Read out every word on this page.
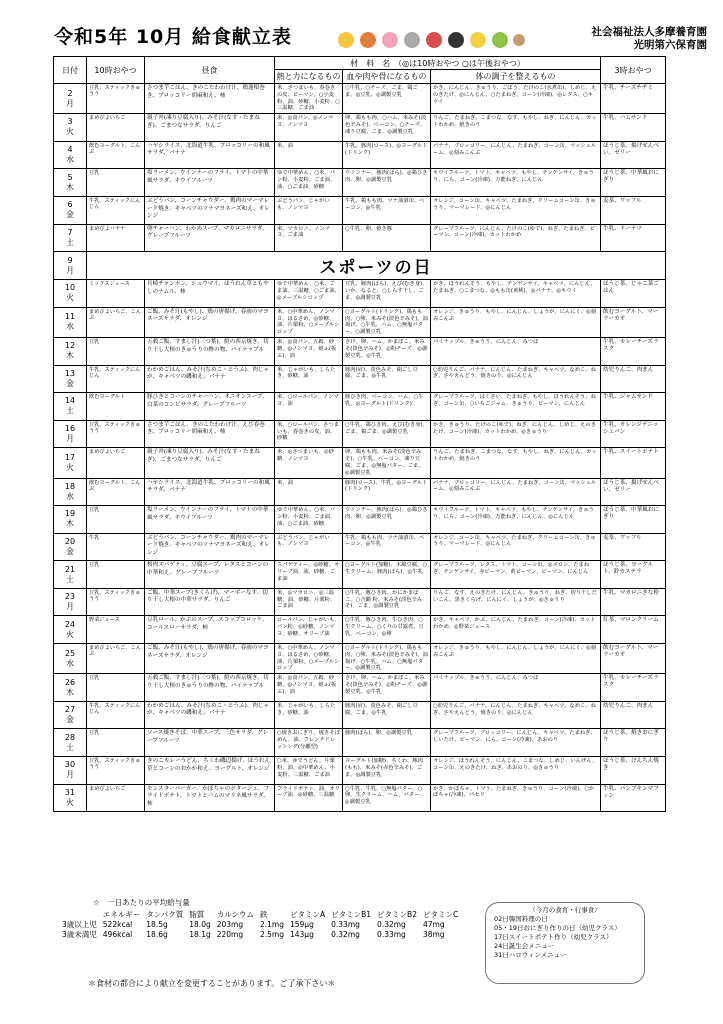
令和5年 10月 給食献立表	社会福祉法人多摩養育園
光明第六保育園
日付	10時おやつ	昼食	材　料　名　 （◎は10時おやつ ○は午後おやつ）			3時おやつ
			熱と力になるもの	血や肉や骨になるもの	体の調子を整えるもの	

2
月	豆乳、スティックきゅうり	さつま芋ごはん、きのこたわわけ汁、鶏蓮根巻き、ブロッコリー胡麻和え、柿	米、さつまいも、春巻きの皮、ピーマン、○小麦粉、油、砂糖、小麦粉、○三温糖、ごま油	○牛乳、○チーズ、ごま、鶏ごま、◎豆乳、◎調製豆乳	かき、にんじん、きゅうり、ごぼう、たけのこ(水煮缶)、しめじ、えのきたけ、◎にんじん、○たまねぎ、コーン(冷凍)、◎レタス、○キウイ	牛乳、チーズチヂミ

3
火	まめびよいちご	親子丼(凍り豆腐入り)、みそ汁(なす・たまねぎ)、ごまつなサラダ、りんご	米、◎食パン、◎ノンマヨ、ノンマヨ	卵、鶏もも肉、○ハム、米みそ(淡色辛みそ)、ベーコン、○チーズ、凍り豆腐、ごま、◎調製豆乳	りんご、たまねぎ、こまつな、なす、もやし、ねぎ、にんじん、カットわかめ、焼きのり	牛乳、ハムサンド

4
水	飲むヨーグルト、こんぶ	ハヤシライス、北海道牛乳、ブロッコリーの和風サラダ、バナナ	米、油	牛乳、豚肉(ロース)、◎ヨーグルト(ドリンク)	バナナ、ブロッコリー、にんじん、たまねぎ、コーン缶、マッシュルーム、◎刻みこんぶ	ほうじ茶、揚げせんべい、ゼリー

5
木	豆乳	塩ラーメン、ウインナーのフライ、トマトの中華風サラダ、キウイフルーツ	ゆで中華めん、○米、パン粉、小麦粉、ごま油、油、○ごま油、砂糖	ウインナー、豚肉(ばら)、◎鶏ひき肉、卵、◎調製豆乳	キウイフルーツ、トマト、キャベツ、もやし、チンゲンサイ、きゅうり、にら、コーン(冷凍)、万能ねぎ、にんじん	ほうじ茶、中華風おにぎり

6
金	牛乳、スティックにんじん	ぶどうパン、コーンチャウダー、鶏肉のマーマレード焼き、キャベツのツナマヨネーズ和え、オレンジ	ぶどうパン、じゃがいも、ノンマヨ	牛乳、鶏もも肉、ツナ油漬缶、ベーコン、◎牛乳	オレンジ、コーン缶、キャベツ、たまねぎ、クリームコーン缶、きゅうり、マーマレード、◎にんじん	麦茶、ワッフル

7
土	まめびよバナナ	卵チャーハン、わかめスープ、マカロニサラダ、グレープフルーツ	米、マカロニ、ノンマヨ、ごま油	○牛乳、卵、焼き豚	グレープフルーツ、にんじん、たけのこ(ゆで)、ねぎ、たまねぎ、ピーマン、コーン(冷凍)、カットわかめ	牛乳、ドーナツ

9
月	スポーツの日					

10
火	ミックスジュース	長崎チャンポン、シュウマイ、ほうれん草ともやしのナムル、柿	ゆで中華めん、○米、ごま油、三温糖、○ごま油、◎メープルシロップ	豆乳、豚肉(ばら)、えび(むき身)、いか、なると、○しらす干し、ごま、◎調製豆乳	かき、ほうれんそう、もやし、チンゲンサイ、キャベツ、にんじん、たまねぎ、○こまつな、◎もも缶(黄桃)、◎バナナ、◎キウイ	ほうじ茶、じゃこ菜ごはん

11
水	まめびよいちご、こんぶ	ご飯、みそ汁(もやし)、鶏の唐揚げ、春雨のマヨネーズサラダ、オレンジ	米、○中華めん、ノンマヨ、はるさめ、◎砂糖、油、片栗粉、○メープルシロップ	○ヨーグルト(ドリンク)、鶏もも肉、○卵、米みそ(淡色辛みそ)、油揚げ、○牛乳、ハム、○無塩バター、○調製豆乳	オレンジ、きゅうり、もやし、にんじん、しょうが、にんにく、◎刻みこんぶ	飲むヨーグルト、マーラーカオ

12
木	豆乳	五穀ご飯、すまし汁(三つ葉)、鮭の西京焼き、切り干し大根のきゅうりの酢の物、パイナップル	米、◎食パン、五穀、砂糖、◎ノンマヨ、焼ふ(板ふ)、油	さけ、卵、ハム、かまぼこ、米みそ(淡色辛みそ)、◎粉チーズ、◎調製豆乳、◎牛乳	パイナップル、きゅうり、にんじん、みつば	牛乳、カレーチーズラスク

13
金	牛乳、スティックにんじん	わかめごはん、みそ汁(なめこ・とうふ)、肉じゃが、キャベツの磯和え、バナナ	米、じゃがいも、しらたき、砂糖、油	豚肉(肩)、淡色みそ、絹ごし豆腐、ごま、◎牛乳	○幼児りんご、バナナ、にんじん、たまねぎ、キャベツ、なめこ、ねぎ、さやえんどう、焼きのり、◎にんじん	幼児りんご、肉まん

14
土	飲むヨーグルト	豚ひきとコーンのチャーハン、オニオンスープ、白菜のコンビサラダ、グレープフルーツ	米、○ロールパン、ノンマヨ、油	豚ひき肉、ベーコン、ハム、○牛乳、◎ヨーグルト(ドリンク)	グレープフルーツ、はくさい、たまねぎ、もやし、ほうれんそう、ねぎ、コーン缶、○いちごジャム、きゅうり、ピーマン、にんじん	牛乳、ジャムサンド

16
月	豆乳、スティックきゅうり	さつま芋ごはん、きのこたわわけ汁、えび春巻き、ブロッコリー胡麻和え、柿	米、○ロールパン、さつまいも、春巻きの皮、油、砂糖	○牛乳、鶏ひき肉、えび(むき身)、ごま、鶏ごま、◎調製豆乳	かき、きゅうり、たけのこ(ゆで)、ねぎ、にんじん、しめじ、えのきたけ、コーン(冷凍)、カットわかめ、◎きゅうり	牛乳、オレンジデニッシュパン

17
火	まめびよいちご	親子丼(凍り豆腐入り)、みそ汁(なす・たまねぎ)、ごまつなサラダ、りんご	米、◎さつまいも、◎砂糖、ノンマヨ	卵、鶏もも肉、米みそ(淡色辛みそ)、○牛乳、ベーコン、凍り豆腐、ごま、◎無塩バター、ごま、◎調製豆乳	りんご、たまねぎ、こまつな、なす、もやし、ねぎ、にんじん、カットわかめ、焼きのり	牛乳、スイートポテト

18
水	飲むヨーグルト、こんぶ	ハヤシライス、北海道牛乳、ブロッコリーの和風サラダ、バナナ	米、油	豚肉(ロース)、牛乳、◎ヨーグルト(ドリンク)	バナナ、ブロッコリー、にんじん、たまねぎ、コーン缶、マッシュルーム、◎刻みこんぶ	ほうじ茶、揚げせんべい、ゼリー

19
木	豆乳	塩ラーメン、ウインナーのフライ、トマトの中華風サラダ、キウイフルーツ	ゆで中華めん、○米、パン粉、小麦粉、ごま油、油、○ごま油、砂糖	ウインナー、豚肉(ばら)、◎鶏ひき肉、卵、◎調製豆乳	キウイフルーツ、トマト、キャベツ、もやし、チンゲンサイ、きゅうり、にら、コーン(冷凍)、万能ねぎ、にんじん、◎にんじん	ほうじ茶、中華風おにぎり

20
金	牛乳	ぶどうパン、コーンチャウダー、鶏肉のマーマレード焼き、キャベツのツナマヨネーズ和え、オレンジ	ぶどうパン、じゃがいも、ノンマヨ	牛乳、鶏もも肉、ツナ油漬缶、ベーコン、◎牛乳	オレンジ、コーン缶、キャベツ、たまねぎ、クリームコーン缶、きゅうり、マーマレード、◎にんじん	麦茶、ワッフル

21
土	豆乳	桜肉スパゲティ、豆腐スープ、レタスとコーンの中華和え、グレープフルーツ	スパゲティー、◎砂糖、オリーブ油、油、砂糖、ごま油	○ヨーグルト(加糖)、木綿豆腐、○生クリーム、豚肉(ばら)、◎牛乳	グレープフルーツ、レタス、トマト、コーン缶、◎メロン、たまねぎ、チンゲンサイ、赤ピーマン、黄ピーマン、ピーマン、にんじん	ほうじ茶、ヨーグルト、鈴カステラ

23
月	豆乳、スティックきゅうり	ご飯、中華スープ(きくらげ)、マーボーなす、切り干し大根の中華サラダ、りんご	米、◎マカロニ、◎三温糖、油、砂糖、片栗粉、ごま油	○牛乳、豚ひき肉、かにかまぼこ、○合鋤 粉、米みそ(淡色辛みそ)、ごま、◎調製豆乳	りんご、なす、えのきたけ、にんじん、きゅうり、ねぎ、切り干しだいこん、黒きくらげ、にんにく、しょうが、◎きゅうり	牛乳、マカロニきな粉

24
火	野菜ジュース	豆乳ロール、かぶのスープ、スコップコロッケ、コールスローサラダ、柿	ロールパン、じゃがいも、パン粉、◎砂糖、ノンマヨ、砂糖、オリーブ油	○牛乳、豚ひき肉、牛ひき肉、○生クリーム、○くりの甘露煮、豆乳、ベーコン、◎卵	かき、キャベツ、かぶ、にんじん、たまねぎ、コーン(冷凍)、カットわかめ、◎野菜ジュース	紅茶、マロンクリーム

25
水	まめびよいちご、こんぶ	ご飯、みそ汁(もやし)、鶏の唐揚げ、春雨のマヨネーズサラダ、オレンジ	米、○中華めん、ノンマヨ、はるさめ、○砂糖、油、片栗粉、○メープルシロップ	○ヨーグルト(ドリンク)、鶏もも肉、○卵、米みそ(淡色辛みそ)、油揚げ、○牛乳、ハム、○無塩バター、◎調製豆乳	オレンジ、きゅうり、もやし、にんじん、しょうが、にんにく、◎刻みこんぶ	飲むヨーグルト、マーラーカオ

26
木	豆乳	五穀ご飯、すまし汁(三つ葉)、鮭の西京焼き、切り干し大根のきゅうりの酢の物、パイナップル	米、◎食パン、五穀、砂糖、◎ノンマヨ、焼ふ(板ふ)、油	さけ、卵、ハム、かまぼこ、米みそ(淡色辛みそ)、◎粉チーズ、◎調製豆乳、◎牛乳	パイナップル、きゅうり、にんじん、みつば	牛乳、カレーチーズラスク

27
金	牛乳、スティックにんじん	わかめごはん、みそ汁(なめこ・とうふ)、肉じゃが、キャベツの磯和え、バナナ	米、じゃがいも、しらたき、砂糖、油	豚肉(肩)、淡色みそ、絹ごし豆腐、ごま、◎牛乳	○幼児りんご、バナナ、にんじん、たまねぎ、キャベツ、なめこ、ねぎ、さやえんどう、焼きのり、◎にんじん	幼児りんご、肉まん

28
土	豆乳	ソース焼きそば、中華スープ、三色サラダ、グレープフルーツ	○焼きおにぎり、焼きそばめん、油、フレンチドレッシング(分離型)	豚肉(ばら)、卵、◎調製豆乳	グレープフルーツ、ブロッコリー、にんじん、キャベツ、たまねぎ、しいたけ、ピーマン、にら、コーン(冷凍)、あおのり	ほうじ茶、焼きおにぎり

30
月	豆乳、スティックきゅうり	きのこカレーうどん、ちくわ磯辺揚げ、ほうれん草とコーンのおかか和え、ヨーグルト、オレンジ	○米、ゆでうどん、片栗粉、油、◎中華めん、小麦粉、三温糖、ごま油	ヨーグルト(加糖)、ちくわ、豚肉(もも)、米みそ(赤色辛みそ)、ごま、◎調製豆乳	オレンジ、ほうれんそう、にんじん、こまつな、しめじ、いんげん、コーン缶、えのきたけ、ねぎ、あおのり、◎きゅうり	ほうじ茶、けんちん焼き

31
火	まめびよいちご	モンスターバーガー、かぼちゃのポタージュ、フライドポテト、トマトとハムのマリネ風サラダ、柿	フライドポテト、油、オリーブ油、◎砂糖、三温糖	○牛乳、牛乳、○無塩バター、○卵、生クリーム、ハム、バター、◎調製豆乳	かき、かぼちゃ、トマト、たまねぎ、きゅうり、コーン(冷凍)、○かぼちゃ(冷凍)、パセリ	牛乳、パンプキンマフィン
☆　一日あたりの平均給与量
	エネルギー	タンパク質	脂質	カルシウム	鉄	ビタミンA	ビタミンB1	ビタミンB2	ビタミンC
3歳以上児	522kcal	18.5g	18.0g	203mg	2.1mg	159μg	0.33mg	0.32mg	47mg
3歳未満児	496kcal	18.6g	18.1g	220mg	2.5mg	143μg	0.32mg	0.33mg	38mg
＊食材の都合により献立を変更することがあります。ご了承下さい＊
（今月の食育・行事食）
02日韓国料理の日
05・19日おにぎり作りの日（幼児クラス）
17日スイートポテト作り（幼児クラス）
24日誕生会メニュー
31日ハロウィンメニュー
